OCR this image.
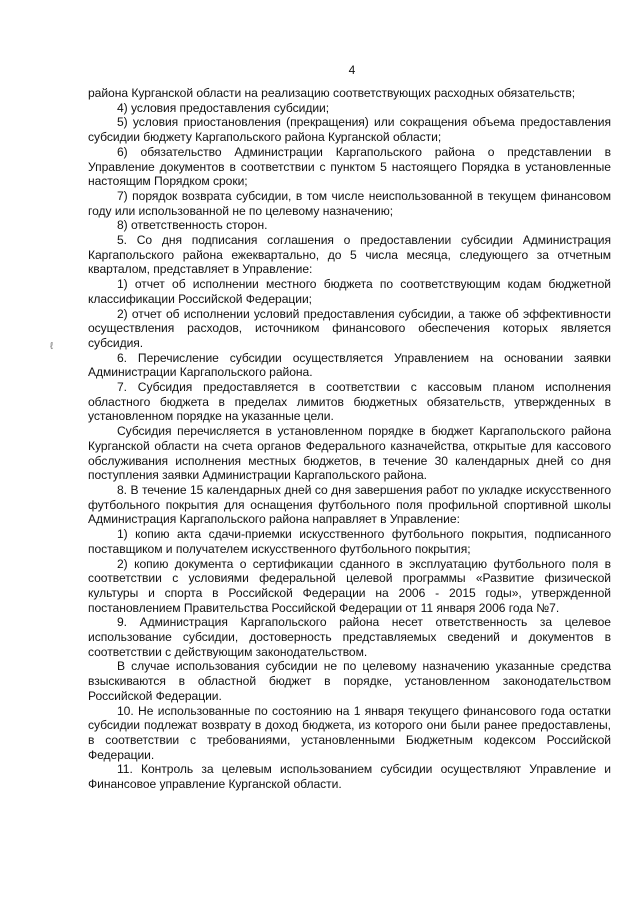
4
ℓ

района Курганской области на реализацию соответствующих расходных обязательств;

4) условия предоставления субсидии;

5) условия приостановления (прекращения) или сокращения объема предоставления субсидии бюджету Каргапольского района Курганской области;

6) обязательство Администрации Каргапольского района о представлении в Управление документов в соответствии с пунктом 5 настоящего Порядка в установленные настоящим Порядком сроки;

7) порядок возврата субсидии, в том числе неиспользованной в текущем финансовом году или использованной не по целевому назначению;

8) ответственность сторон.

5. Со дня подписания соглашения о предоставлении субсидии Администрация Каргапольского района ежеквартально, до 5 числа месяца, следующего за отчетным кварталом, представляет в Управление:

1) отчет об исполнении местного бюджета по соответствующим кодам бюджетной классификации Российской Федерации;

2) отчет об исполнении условий предоставления субсидии, а также об эффективности осуществления расходов, источником финансового обеспечения которых является субсидия.

6. Перечисление субсидии осуществляется Управлением на основании заявки Администрации Каргапольского района.

7. Субсидия предоставляется в соответствии с кассовым планом исполнения областного бюджета в пределах лимитов бюджетных обязательств, утвержденных в установленном порядке на указанные цели.

Субсидия перечисляется в установленном порядке в бюджет Каргапольского района Курганской области на счета органов Федерального казначейства, открытые для кассового обслуживания исполнения местных бюджетов, в течение 30 календарных дней со дня поступления заявки Администрации Каргапольского района.

8. В течение 15 календарных дней со дня завершения работ по укладке искусственного футбольного покрытия для оснащения футбольного поля профильной спортивной школы Администрация Каргапольского района направляет в Управление:

1) копию акта сдачи-приемки искусственного футбольного покрытия, подписанного поставщиком и получателем искусственного футбольного покрытия;

2) копию документа о сертификации сданного в эксплуатацию футбольного поля в соответствии с условиями федеральной целевой программы «Развитие физической культуры и спорта в Российской Федерации на 2006 - 2015 годы», утвержденной постановлением Правительства Российской Федерации от 11 января 2006 года №7.

9. Администрация Каргапольского района несет ответственность за целевое использование субсидии, достоверность представляемых сведений и документов в соответствии с действующим законодательством.

В случае использования субсидии не по целевому назначению указанные средства взыскиваются в областной бюджет в порядке, установленном законодательством Российской Федерации.

10. Не использованные по состоянию на 1 января текущего финансового года остатки субсидии подлежат возврату в доход бюджета, из которого они были ранее предоставлены, в соответствии с требованиями, установленными Бюджетным кодексом Российской Федерации.

11. Контроль за целевым использованием субсидии осуществляют Управление и Финансовое управление Курганской области.
